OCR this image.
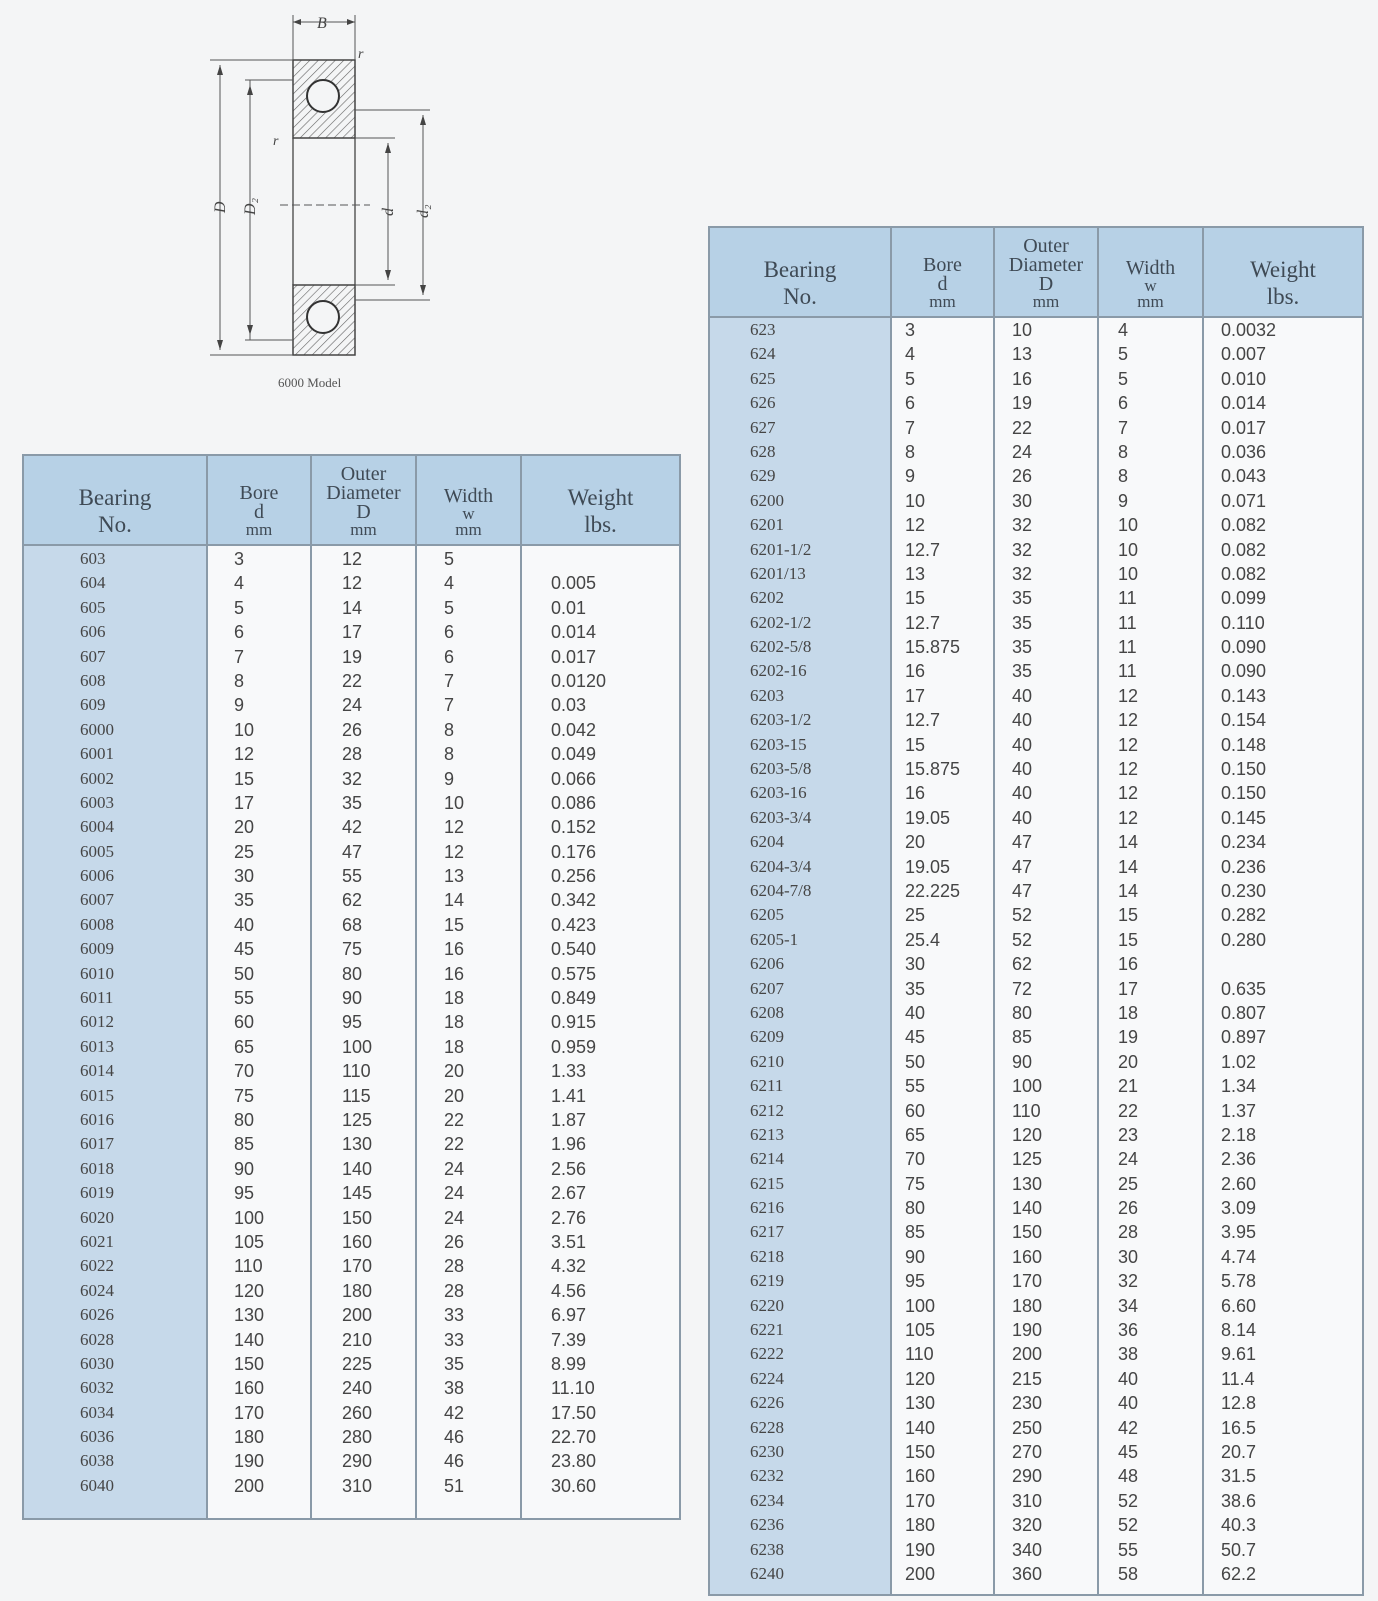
B
r
r
D D₂	d d₂
6000 Model
Bearing
No.
Bore
d
mm
Outer
Diameter
D
mm
Width
w
mm
Weight
lbs.
603	3	12	5
604	4	12	4	0.005
605	5	14	5	0.01
606	6	17	6	0.014
607	7	19	6	0.017
608	8	22	7	0.0120
609	9	24	7	0.03
6000	10	26	8	0.042
6001	12	28	8	0.049
6002	15	32	9	0.066
6003	17	35	10	0.086
6004	20	42	12	0.152
6005	25	47	12	0.176
6006	30	55	13	0.256
6007	35	62	14	0.342
6008	40	68	15	0.423
6009	45	75	16	0.540
6010	50	80	16	0.575
6011	55	90	18	0.849
6012	60	95	18	0.915
6013	65	100	18	0.959
6014	70	110	20	1.33
6015	75	115	20	1.41
6016	80	125	22	1.87
6017	85	130	22	1.96
6018	90	140	24	2.56
6019	95	145	24	2.67
6020	100	150	24	2.76
6021	105	160	26	3.51
6022	110	170	28	4.32
6024	120	180	28	4.56
6026	130	200	33	6.97
6028	140	210	33	7.39
6030	150	225	35	8.99
6032	160	240	38	11.10
6034	170	260	42	17.50
6036	180	280	46	22.70
6038	190	290	46	23.80
6040	200	310	51	30.60
Bearing
No.
Bore
d
mm
Outer
Diameter
D
mm
Width
w
mm
Weight
lbs.
623	3	10	4	0.0032
624	4	13	5	0.007
625	5	16	5	0.010
626	6	19	6	0.014
627	7	22	7	0.017
628	8	24	8	0.036
629	9	26	8	0.043
6200	10	30	9	0.071
6201	12	32	10	0.082
6201-1/2	12.7	32	10	0.082
6201/13	13	32	10	0.082
6202	15	35	11	0.099
6202-1/2	12.7	35	11	0.110
6202-5/8	15.875	35	11	0.090
6202-16	16	35	11	0.090
6203	17	40	12	0.143
6203-1/2	12.7	40	12	0.154
6203-15	15	40	12	0.148
6203-5/8	15.875	40	12	0.150
6203-16	16	40	12	0.150
6203-3/4	19.05	40	12	0.145
6204	20	47	14	0.234
6204-3/4	19.05	47	14	0.236
6204-7/8	22.225	47	14	0.230
6205	25	52	15	0.282
6205-1	25.4	52	15	0.280
6206	30	62	16
6207	35	72	17	0.635
6208	40	80	18	0.807
6209	45	85	19	0.897
6210	50	90	20	1.02
6211	55	100	21	1.34
6212	60	110	22	1.37
6213	65	120	23	2.18
6214	70	125	24	2.36
6215	75	130	25	2.60
6216	80	140	26	3.09
6217	85	150	28	3.95
6218	90	160	30	4.74
6219	95	170	32	5.78
6220	100	180	34	6.60
6221	105	190	36	8.14
6222	110	200	38	9.61
6224	120	215	40	11.4
6226	130	230	40	12.8
6228	140	250	42	16.5
6230	150	270	45	20.7
6232	160	290	48	31.5
6234	170	310	52	38.6
6236	180	320	52	40.3
6238	190	340	55	50.7
6240	200	360	58	62.2
